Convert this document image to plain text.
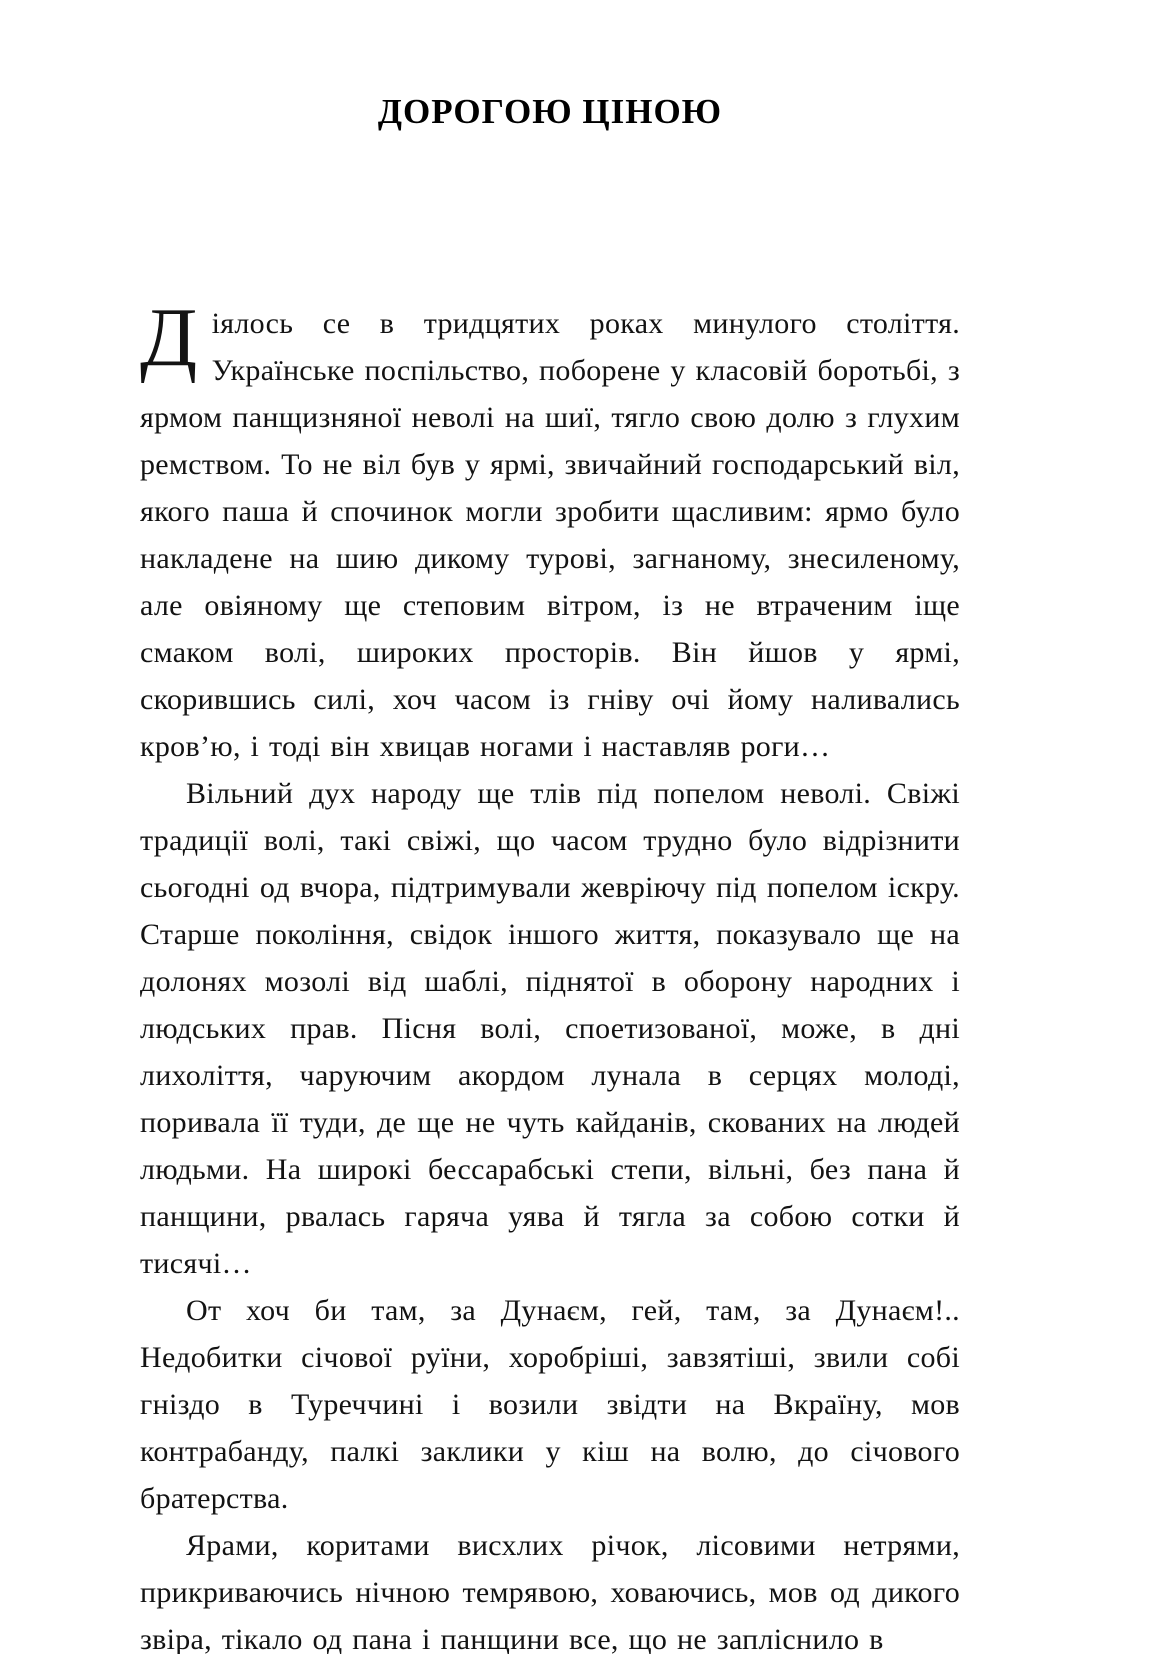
ДОРОГОЮ ЦІНОЮ

Діялось се в тридцятих роках минулого століття. Українське поспільство, поборене у класовій боротьбі, з ярмом панщизняної неволі на шиї, тягло свою долю з глухим ремством. То не віл був у ярмі, звичайний господарський віл, якого паша й спочинок могли зробити щасливим: ярмо було накладене на шию дикому турові, загнаному, знесиленому, але овіяному ще степовим вітром, із не втраченим іще смаком волі, широких просторів. Він йшов у ярмі, скорившись силі, хоч часом із гніву очі йому наливались кров’ю, і тоді він хвицав ногами і наставляв роги…

Вільний дух народу ще тлів під попелом неволі. Свіжі традиції волі, такі свіжі, що часом трудно було відрізнити сьогодні од вчора, підтримували жевріючу під попелом іскру. Старше покоління, свідок іншого життя, показувало ще на долонях мозолі від шаблі, піднятої в оборону народних і людських прав. Пісня волі, споетизованої, може, в дні лихоліття, чаруючим акордом лунала в серцях молоді, поривала її туди, де ще не чуть кайданів, скованих на людей людьми. На широкі бессарабські степи, вільні, без пана й панщини, рвалась гаряча уява й тягла за собою сотки й тисячі…

От хоч би там, за Дунаєм, гей, там, за Дунаєм!.. Недобитки січової руїни, хоробріші, завзятіші, звили собі гніздо в Туреччині і возили звідти на Вкраїну, мов контрабанду, палкі заклики у кіш на волю, до січового братерства.

Ярами, коритами висхлих річок, лісовими нетрями, прикриваючись нічною темрявою, ховаючись, мов од дикого звіра, тікало од пана і панщини все, що не запліснило в
